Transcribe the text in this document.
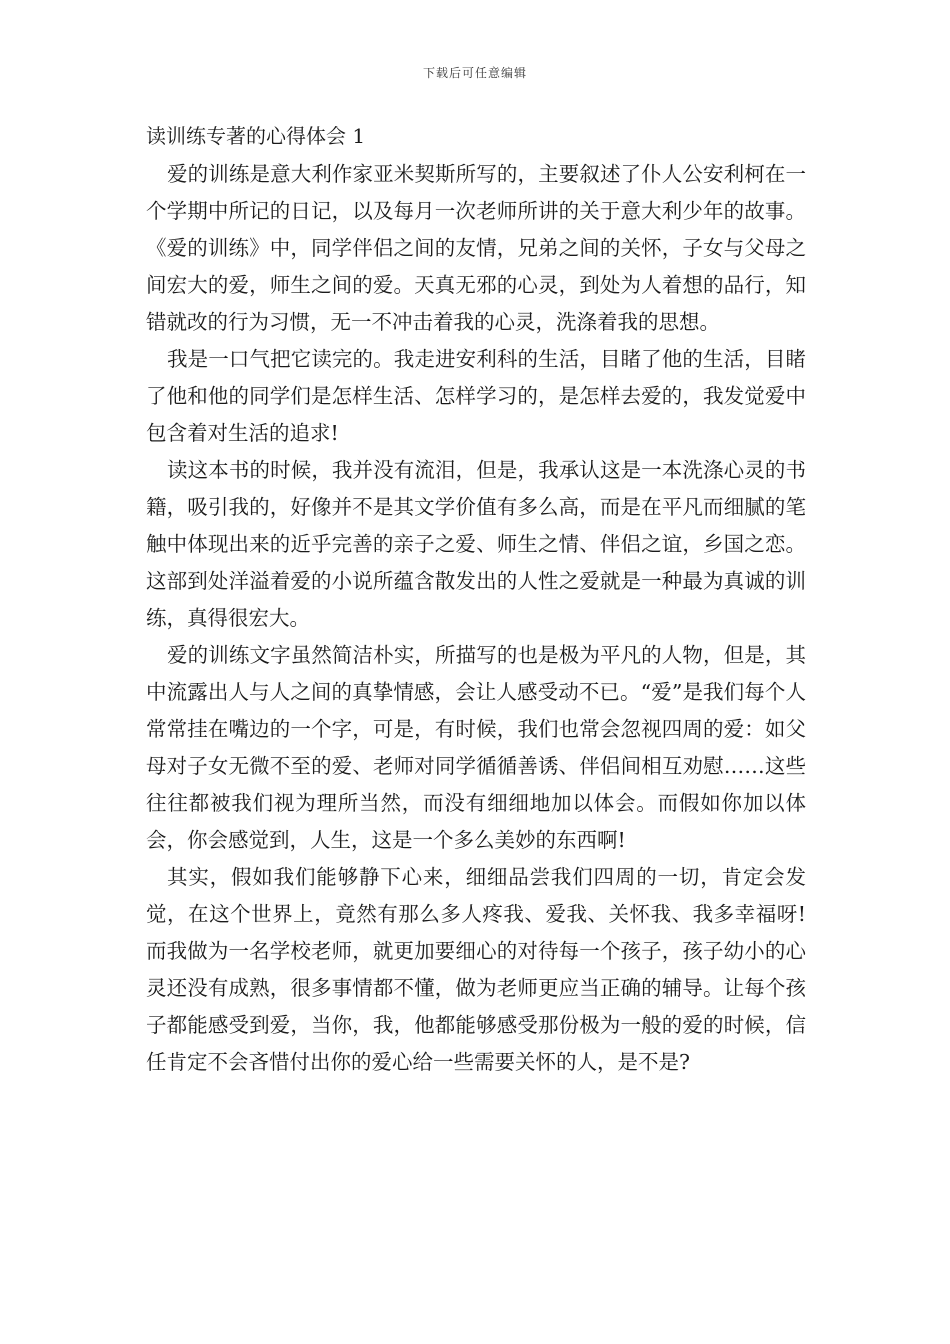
下载后可任意编辑
读训练专著的心得体会 1

爱的训练是意大利作家亚米契斯所写的，主要叙述了仆人公安利柯在一个学期中所记的日记，以及每月一次老师所讲的关于意大利少年的故事。《爱的训练》中，同学伴侣之间的友情，兄弟之间的关怀，子女与父母之间宏大的爱，师生之间的爱。天真无邪的心灵，到处为人着想的品行，知错就改的行为习惯，无一不冲击着我的心灵，洗涤着我的思想。

我是一口气把它读完的。我走进安利科的生活，目睹了他的生活，目睹了他和他的同学们是怎样生活、怎样学习的，是怎样去爱的，我发觉爱中包含着对生活的追求!

读这本书的时候，我并没有流泪，但是，我承认这是一本洗涤心灵的书籍，吸引我的，好像并不是其文学价值有多么高，而是在平凡而细腻的笔触中体现出来的近乎完善的亲子之爱、师生之情、伴侣之谊，乡国之恋。这部到处洋溢着爱的小说所蕴含散发出的人性之爱就是一种最为真诚的训练，真得很宏大。

爱的训练文字虽然简洁朴实，所描写的也是极为平凡的人物，但是，其中流露出人与人之间的真挚情感，会让人感受动不已。“爱”是我们每个人常常挂在嘴边的一个字，可是，有时候，我们也常会忽视四周的爱：如父母对子女无微不至的爱、老师对同学循循善诱、伴侣间相互劝慰……这些往往都被我们视为理所当然，而没有细细地加以体会。而假如你加以体会，你会感觉到，人生，这是一个多么美妙的东西啊!

其实，假如我们能够静下心来，细细品尝我们四周的一切，肯定会发觉，在这个世界上，竟然有那么多人疼我、爱我、关怀我、我多幸福呀!而我做为一名学校老师，就更加要细心的对待每一个孩子，孩子幼小的心灵还没有成熟，很多事情都不懂，做为老师更应当正确的辅导。让每个孩子都能感受到爱，当你，我，他都能够感受那份极为一般的爱的时候，信任肯定不会吝惜付出你的爱心给一些需要关怀的人，是不是?
